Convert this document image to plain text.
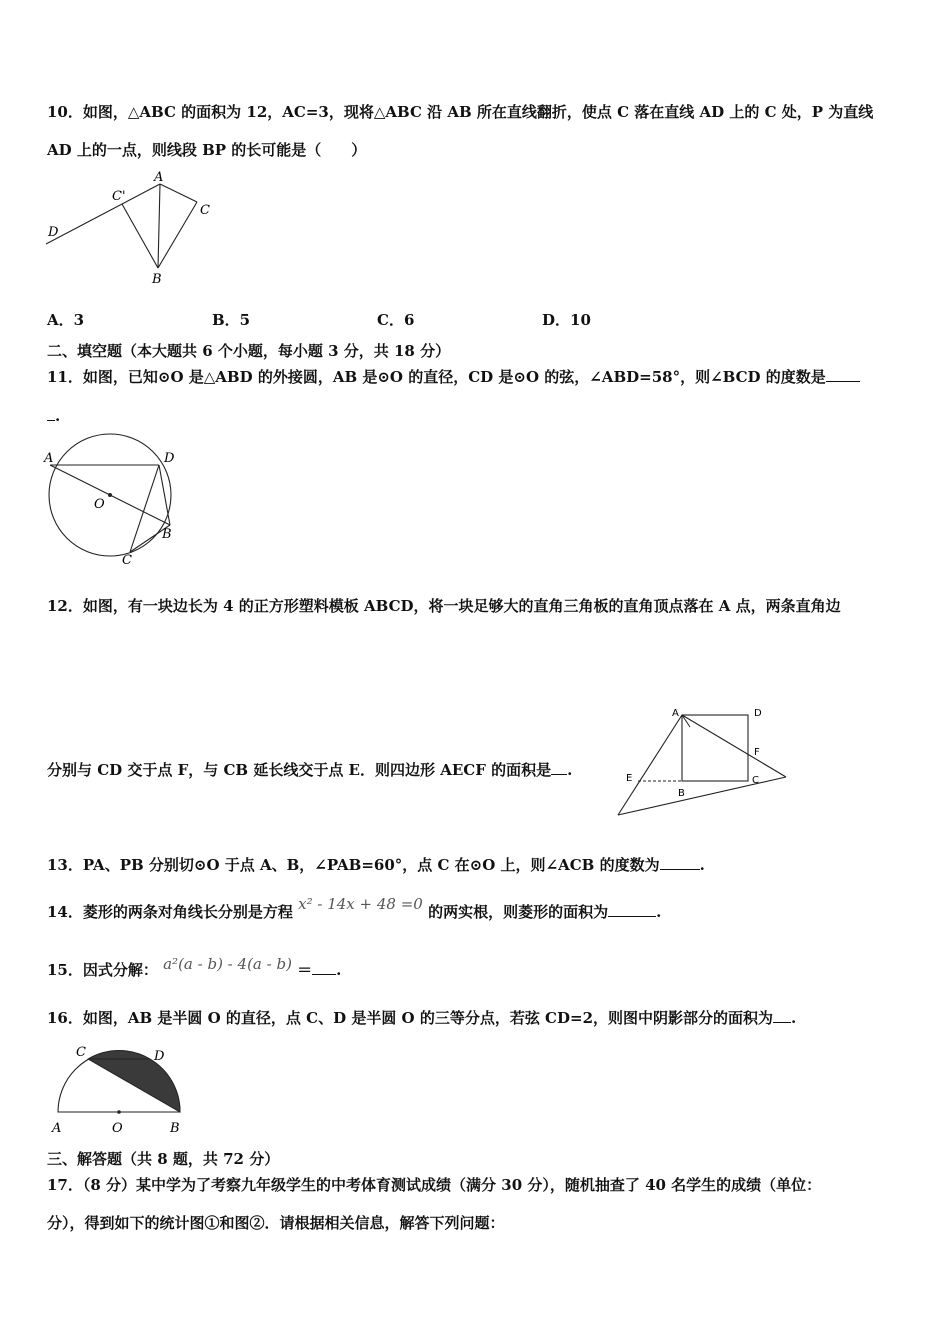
10．如图，△ABC 的面积为 12，AC=3，现将△ABC 沿 AB 所在直线翻折，使点 C 落在直线 AD 上的 C 处，P 为直线
AD 上的一点，则线段 BP 的长可能是（　　）
A
C'
C
D
B
A．3	B．5	C．6	D．10
二、填空题（本大题共 6 个小题，每小题 3 分，共 18 分）
11．如图，已知⊙O 是△ABD 的外接圆，AB 是⊙O 的直径，CD 是⊙O 的弦，∠ABD=58°，则∠BCD 的度数是
.
A	D
O
B
C
12．如图，有一块边长为 4 的正方形塑料模板 ABCD，将一块足够大的直角三角板的直角顶点落在 A 点，两条直角边
分别与 CD 交于点 F，与 CB 延长线交于点 E．则四边形 AECF 的面积是 .
A	D
F
E
B
C
13．PA、PB 分别切⊙O 于点 A、B，∠PAB=60°，点 C 在⊙O 上，则∠ACB 的度数为	.
14．菱形的两条对角线长分别是方程 x² - 14x + 48 =0 的两实根，则菱形的面积为	.
15．因式分解： a²(a - b) - 4(a - b) ＝ .
16．如图，AB 是半圆 O 的直径，点 C、D 是半圆 O 的三等分点，若弦 CD=2，则图中阴影部分的面积为 .
C	D
A	O	B
三、解答题（共 8 题，共 72 分）
17．（8 分）某中学为了考察九年级学生的中考体育测试成绩（满分 30 分），随机抽查了 40 名学生的成绩（单位：
分），得到如下的统计图①和图②．请根据相关信息，解答下列问题：
